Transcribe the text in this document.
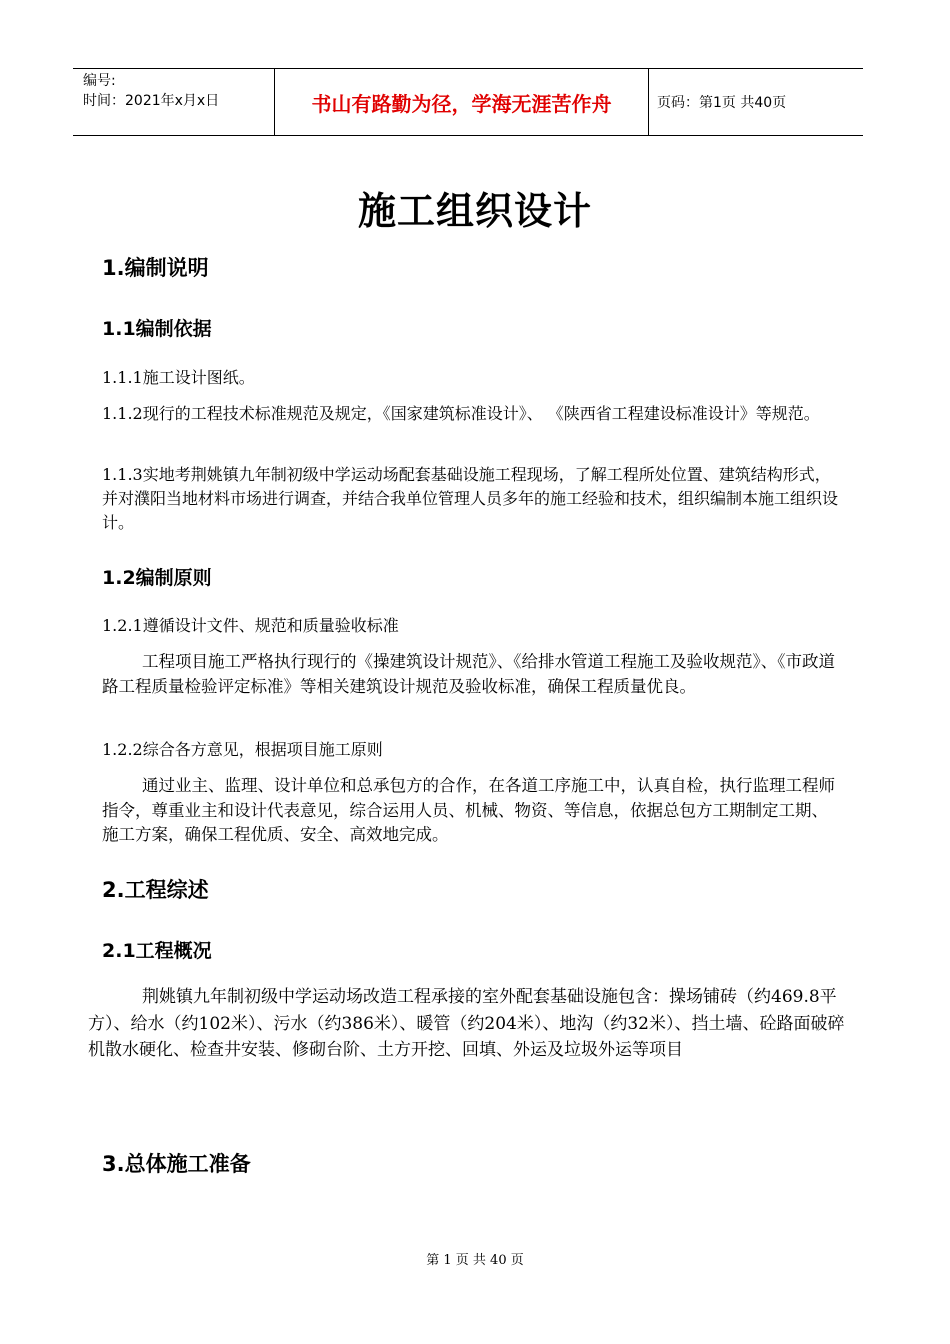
编号:
时间：2021年x月x日	书山有路勤为径，学海无涯苦作舟	页码：第1页 共40页
施工组织设计
1.编制说明
1.1编制依据
1.1.1施工设计图纸。
1.1.2现行的工程技术标准规范及规定，《国家建筑标准设计》、 《陕西省工程建设标准设计》等规范。
1.1.3实地考荆姚镇九年制初级中学运动场配套基础设施工程现场，了解工程所处位置、建筑结构形式，并对濮阳当地材料市场进行调查，并结合我单位管理人员多年的施工经验和技术，组织编制本施工组织设计。
1.2编制原则
1.2.1遵循设计文件、规范和质量验收标准
工程项目施工严格执行现行的《操建筑设计规范》、《给排水管道工程施工及验收规范》、《市政道路工程质量检验评定标准》等相关建筑设计规范及验收标准，确保工程质量优良。
1.2.2综合各方意见，根据项目施工原则
通过业主、监理、设计单位和总承包方的合作，在各道工序施工中，认真自检，执行监理工程师指令，尊重业主和设计代表意见，综合运用人员、机械、物资、等信息，依据总包方工期制定工期、施工方案，确保工程优质、安全、高效地完成。
2.工程综述
2.1工程概况
荆姚镇九年制初级中学运动场改造工程承接的室外配套基础设施包含：操场铺砖（约469.8平方）、给水（约102米）、污水（约386米）、暖管（约204米）、地沟（约32米）、挡土墙、砼路面破碎机散水硬化、检查井安装、修砌台阶、土方开挖、回填、外运及垃圾外运等项目
3.总体施工准备
第 1 页 共 40 页
